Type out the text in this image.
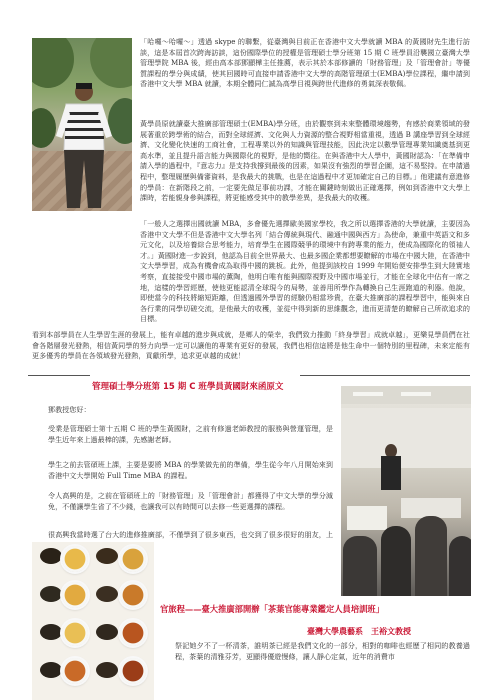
「哈囉～哈囉～」透過 skype 的聯繫，從臺灣與目前正在香港中文大學就讀 MBA 的黃國財先生進行訪談，這是本屆首次跨海訪談，這份國際學位的授權是管理碩士學分班第 15 期 C 班學員沿襲國立臺灣大學管理學院 MBA 後，經由高本部鄧顯樺主任推薦，表示其於本部修讀的「財務管理」及「管理會計」等優質課程的學分與成績，使其回國時可直接申請香港中文大學的高階管理碩士(EMBA)學位課程，繼申請到香港中文大學 MBA 就讀，本期全體同仁誠為高學目視與跨世代進修的勇氣深表敬佩。

黃學員原就讀臺大推廣部管理碩士(EMBA)學分班，由於觀察到未來整體環境趨勢，有感於商業領域的發展著重於跨學術的結合，而對全球經濟、文化與人力資源的整合視野相當重視，透過 B 講座學習到全球經濟、文化變化快速的工商社會，工程專業以外的知識與管理技能，因此決定以數學管理專業知識奠基到更高水準，並且提升語言能力與國際化的視野，是他的嚮往。在與香港中大人學中，黃國財認為：「在準備申請入學的過程中，『意志力』是支持我撐到最後的因素，如果沒有強烈的學習企圖，這不易堅持。在申請過程中，整理履歷與備審資料，是我最大的挑戰，也是在這過程中才更加確定自己的目標。」他建議有意進修的學員：在新階段之前，一定要先做足事前功課，才能在關鍵時刻做出正確選擇，例如到香港中文大學上課時，若能親身參與課程，將更能感受其中的教學差異，是我最大的收穫。

「一般人之選擇出國就讀 MBA，多會優先選擇歐美國家學校，我之所以選擇香港的大學就讀，主要因為香港中文大學不但是香港中文大學名列「結合傳統與現代、融通中國與西方」為使命，兼重中英語文和多元文化，以及培養綜合思考能力，培育學生在國際競爭的環境中有跨專業的能力，使成為國際化的領袖人才。」黃國財進一步說到，他認為目前全世界最大、也最多國企業都想要瞭解的市場在中國大陸，在香港中文大學學習，成為有機會成為取得中國的跳板。此外，他提到該校自 1999 年開始便安排學生到大陸實地考察，直接接受中國市場的薰陶，他明白唯有能與國際視野及中國市場並行，才能在全球化中佔有一席之地，這樣的學習經歷，使他更能認清全球現今的局勢，並善用所學作為轉換自己生涯跑道的利器。他說，即使當今的科技將縮短距離，但透過國外學習的經驗仍相當珍貴，在臺大推廣部的課程學習中，能與來自各行業的同學切磋交流，是他最大的收穫，並從中得到新的思維觀念，進而更清楚的瞭解自己所欲追求的目標。

看到本部學員在人生學習生涯的發展上，能有卓越的進步與成就，是鄉人的榮幸，我們致力推動「終身學習」成就卓越」，更樂見學員們在社會各階層發光發熱，相信黃同學的努力向學一定可以讓他的專業有更好的發展，我們也相信這將是他生命中一個特別的里程碑，未來定能有更多優秀的學員在各領域發光發熱，貢獻所學，追求更卓越的成就！

管理碩士學分班第 15 期 C 班學員黃國財來函原文

鄧教授您好：

受業是管理碩士第十五期 C 班的學生黃國財，之前有修過老師教授的服務與營運管理，是學生近年來上過最棒的課，先感謝老師。

學生之前去管碩班上課，主要是要將 MBA 的學業做先前的準備，學生從今年八月開始來到香港中文大學開始 Full Time MBA 的課程。

令人高興的是，之前在管碩班上的「財務管理」及「管理會計」都獲得了中文大學的學分減免，不僅讓學生省了不少錢，也讓我可以有時間可以去修一些更選擇的課程。

很高興我當時選了台大的進修推廣部，不僅學到了很多東西，也交到了很多很好的朋友，上

官旅程——臺大推廣部開辦「茶葉官能專業鑑定人員培訓班」
臺灣大學農藝系　王裕文教授

祭記她夕不了一杯清茶，誰明茶已經是我們文化的一部分，相對的咖啡也經歷了相同的教養過程，茶葉的清雅芬芳，更顯得優遊慢條，讓人靜心定氣，近年的消費市
